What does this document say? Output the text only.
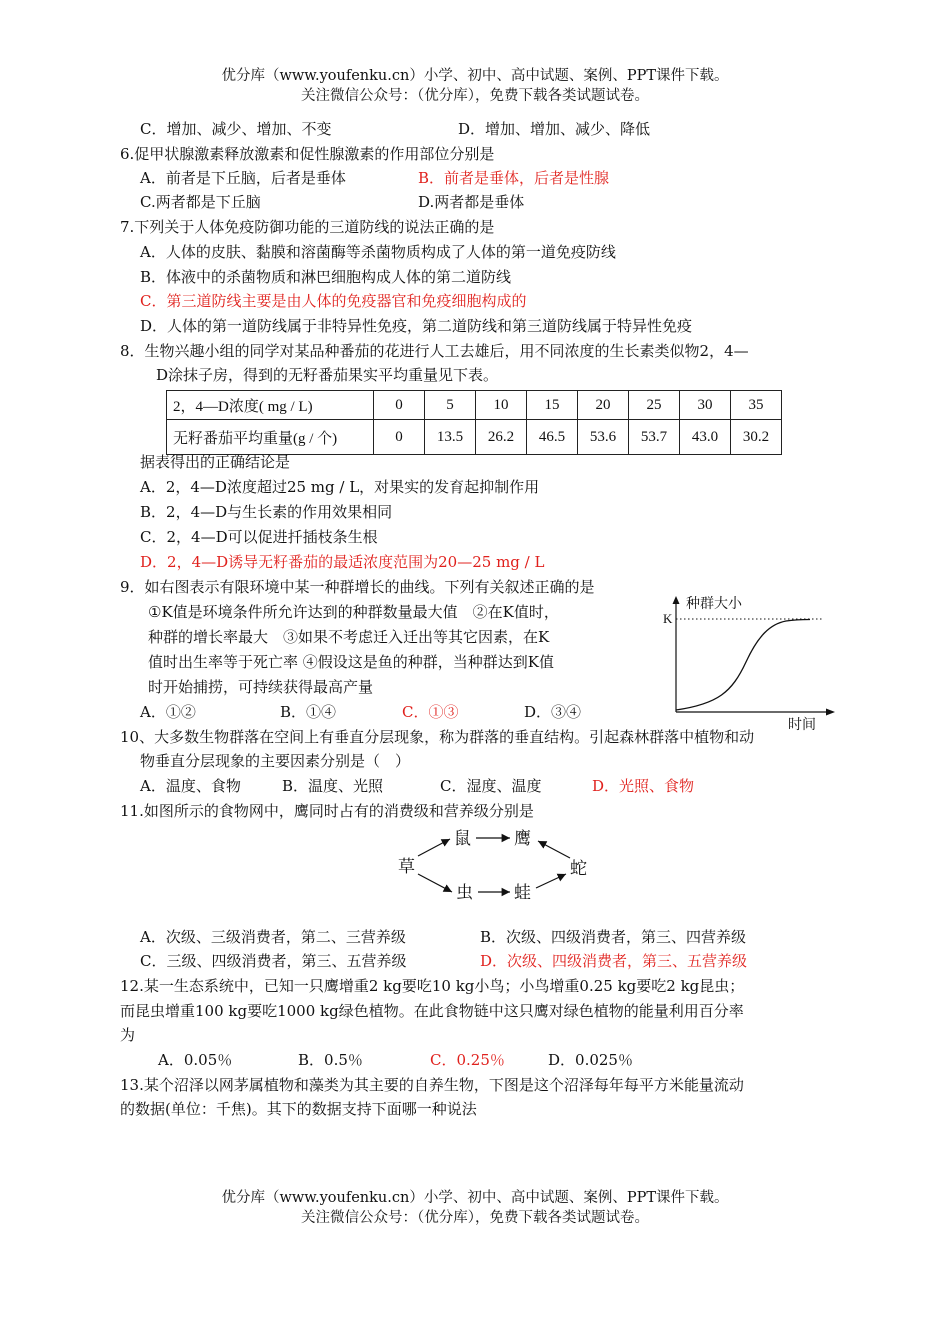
优分库（www.youfenku.cn）小学、初中、高中试题、案例、PPT课件下载。
关注微信公众号：（优分库），免费下载各类试题试卷。
C．增加、减少、增加、不变	D．增加、增加、减少、降低
6.促甲状腺激素释放激素和促性腺激素的作用部位分别是
A．前者是下丘脑，后者是垂体	B．前者是垂体，后者是性腺
C.两者都是下丘脑	D.两者都是垂体
7.下列关于人体免疫防御功能的三道防线的说法正确的是
A．人体的皮肤、黏膜和溶菌酶等杀菌物质构成了人体的第一道免疫防线
B．体液中的杀菌物质和淋巴细胞构成人体的第二道防线
C．第三道防线主要是由人体的免疫器官和免疫细胞构成的
D．人体的第一道防线属于非特异性免疫，第二道防线和第三道防线属于特异性免疫
8．生物兴趣小组的同学对某品种番茄的花进行人工去雄后，用不同浓度的生长素类似物2，4—
D涂抹子房，得到的无籽番茄果实平均重量见下表。
2，4—D浓度( mg / L)	0	5	10	15	20	25	30	35
无籽番茄平均重量(g / 个)	0	13.5	26.2	46.5	53.6	53.7	43.0	30.2
据表得出的正确结论是
A．2，4—D浓度超过25 mg / L，对果实的发育起抑制作用
B．2，4—D与生长素的作用效果相同
C．2，4—D可以促进扦插枝条生根
D．2，4—D诱导无籽番茄的最适浓度范围为20—25 mg / L
9．如右图表示有限环境中某一种群增长的曲线。下列有关叙述正确的是
①K值是环境条件所允许达到的种群数量最大值　②在K值时，
种群的增长率最大　③如果不考虑迁入迁出等其它因素，在K
值时出生率等于死亡率 ④假设这是鱼的种群，当种群达到K值
时开始捕捞，可持续获得最高产量
A．①②	B．①④	C．①③	D．③④
种群大小
K
时间
10、大多数生物群落在空间上有垂直分层现象，称为群落的垂直结构。引起森林群落中植物和动
物垂直分层现象的主要因素分别是（　）
A．温度、食物	B．温度、光照	C．湿度、温度	D．光照、食物
11.如图所示的食物网中，鹰同时占有的消费级和营养级分别是
草
鼠	鹰
蛇
虫 蛙
A．次级、三级消费者，第二、三营养级	B．次级、四级消费者，第三、四营养级
C．三级、四级消费者，第三、五营养级	D．次级、四级消费者，第三、五营养级
12.某一生态系统中，已知一只鹰增重2 kg要吃10 kg小鸟；小鸟增重0.25 kg要吃2 kg昆虫；
而昆虫增重100 kg要吃1000 kg绿色植物。在此食物链中这只鹰对绿色植物的能量利用百分率
为
A．0.05％	B．0.5％	C．0.25％	D．0.025％
13.某个沼泽以网茅属植物和藻类为其主要的自养生物，下图是这个沼泽每年每平方米能量流动
的数据(单位：千焦)。其下的数据支持下面哪一种说法
优分库（www.youfenku.cn）小学、初中、高中试题、案例、PPT课件下载。
关注微信公众号：（优分库），免费下载各类试题试卷。
